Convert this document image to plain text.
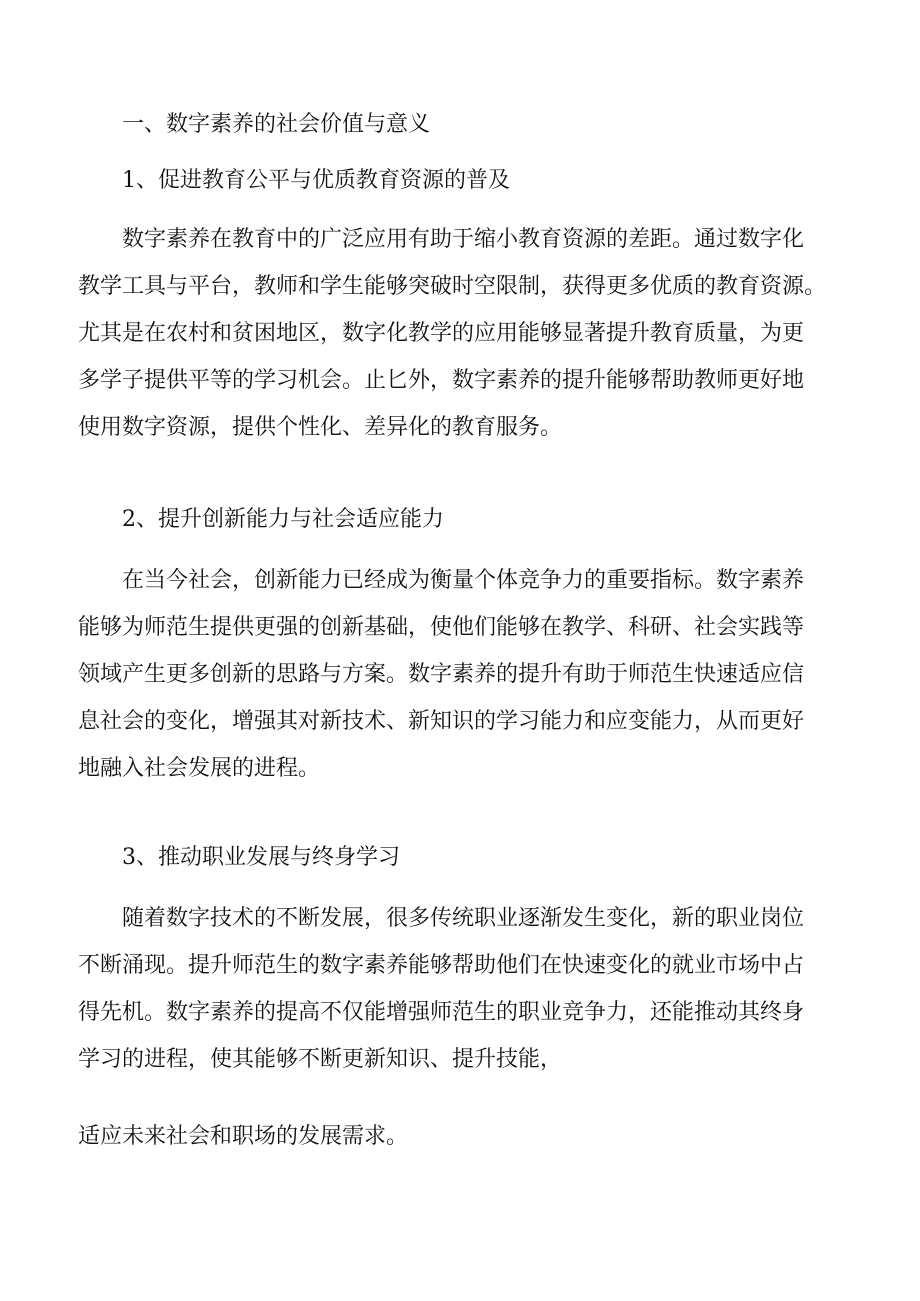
一、数字素养的社会价值与意义
1、促进教育公平与优质教育资源的普及
数字素养在教育中的广泛应用有助于缩小教育资源的差距。通过数字化
教学工具与平台，教师和学生能够突破时空限制，获得更多优质的教育资源。
尤其是在农村和贫困地区，数字化教学的应用能够显著提升教育质量，为更
多学子提供平等的学习机会。止匕外，数字素养的提升能够帮助教师更好地
使用数字资源，提供个性化、差异化的教育服务。
2、提升创新能力与社会适应能力
在当今社会，创新能力已经成为衡量个体竞争力的重要指标。数字素养
能够为师范生提供更强的创新基础，使他们能够在教学、科研、社会实践等
领域产生更多创新的思路与方案。数字素养的提升有助于师范生快速适应信
息社会的变化，增强其对新技术、新知识的学习能力和应变能力，从而更好
地融入社会发展的进程。
3、推动职业发展与终身学习
随着数字技术的不断发展，很多传统职业逐渐发生变化，新的职业岗位
不断涌现。提升师范生的数字素养能够帮助他们在快速变化的就业市场中占
得先机。数字素养的提高不仅能增强师范生的职业竞争力，还能推动其终身
学习的进程，使其能够不断更新知识、提升技能，
适应未来社会和职场的发展需求。
